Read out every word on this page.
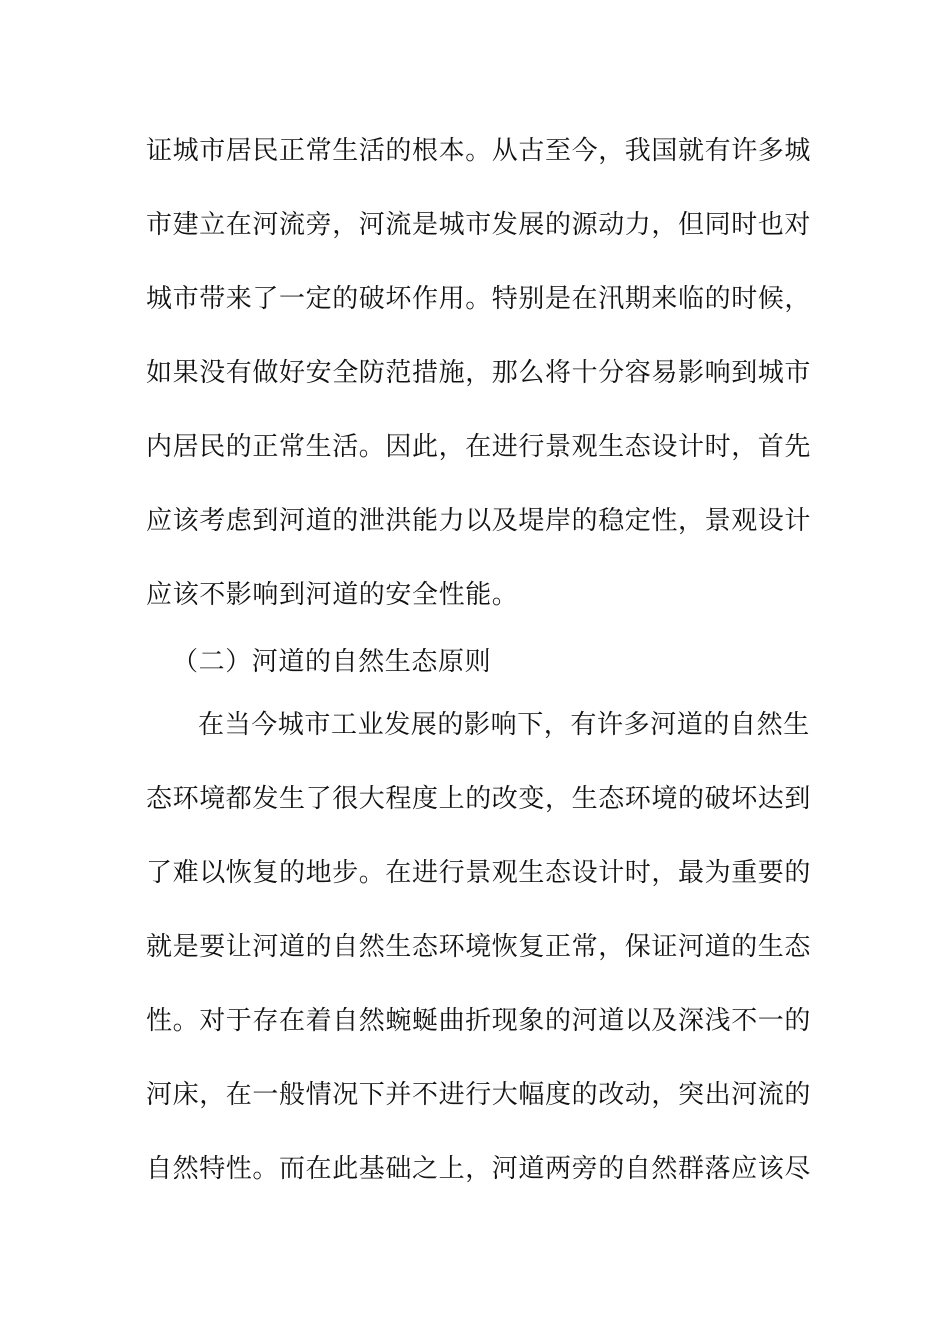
证城市居民正常生活的根本。从古至今，我国就有许多城
市建立在河流旁，河流是城市发展的源动力，但同时也对
城市带来了一定的破坏作用。特别是在汛期来临的时候，
如果没有做好安全防范措施，那么将十分容易影响到城市
内居民的正常生活。因此，在进行景观生态设计时，首先
应该考虑到河道的泄洪能力以及堤岸的稳定性，景观设计
应该不影响到河道的安全性能。
（二）河道的自然生态原则
在当今城市工业发展的影响下，有许多河道的自然生
态环境都发生了很大程度上的改变，生态环境的破坏达到
了难以恢复的地步。在进行景观生态设计时，最为重要的
就是要让河道的自然生态环境恢复正常，保证河道的生态
性。对于存在着自然蜿蜒曲折现象的河道以及深浅不一的
河床，在一般情况下并不进行大幅度的改动，突出河流的
自然特性。而在此基础之上，河道两旁的自然群落应该尽
